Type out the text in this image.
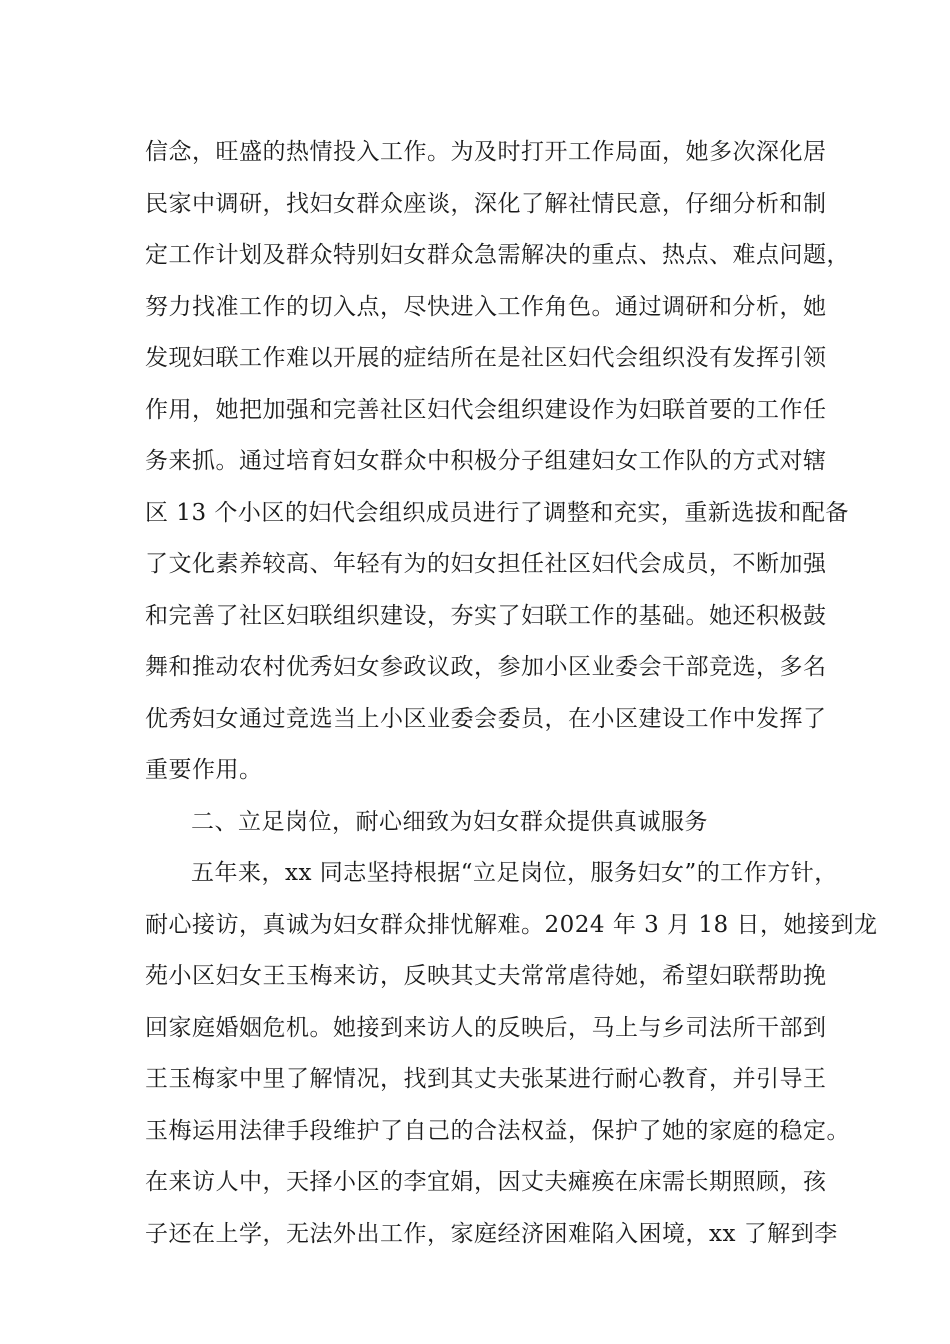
信念，旺盛的热情投入工作。为及时打开工作局面，她多次深化居
民家中调研，找妇女群众座谈，深化了解社情民意，仔细分析和制
定工作计划及群众特别妇女群众急需解决的重点、热点、难点问题，
努力找准工作的切入点，尽快进入工作角色。通过调研和分析，她
发现妇联工作难以开展的症结所在是社区妇代会组织没有发挥引领
作用，她把加强和完善社区妇代会组织建设作为妇联首要的工作任
务来抓。通过培育妇女群众中积极分子组建妇女工作队的方式对辖
区 13 个小区的妇代会组织成员进行了调整和充实，重新选拔和配备
了文化素养较高、年轻有为的妇女担任社区妇代会成员，不断加强
和完善了社区妇联组织建设，夯实了妇联工作的基础。她还积极鼓
舞和推动农村优秀妇女参政议政，参加小区业委会干部竞选，多名
优秀妇女通过竞选当上小区业委会委员，在小区建设工作中发挥了
重要作用。
二、立足岗位，耐心细致为妇女群众提供真诚服务
五年来，xx 同志坚持根据“立足岗位，服务妇女”的工作方针，
耐心接访，真诚为妇女群众排忧解难。2024 年 3 月 18 日，她接到龙
苑小区妇女王玉梅来访，反映其丈夫常常虐待她，希望妇联帮助挽
回家庭婚姻危机。她接到来访人的反映后，马上与乡司法所干部到
王玉梅家中里了解情况，找到其丈夫张某进行耐心教育，并引导王
玉梅运用法律手段维护了自己的合法权益，保护了她的家庭的稳定。
在来访人中，天择小区的李宜娟，因丈夫瘫痪在床需长期照顾，孩
子还在上学，无法外出工作，家庭经济困难陷入困境，xx 了解到李
